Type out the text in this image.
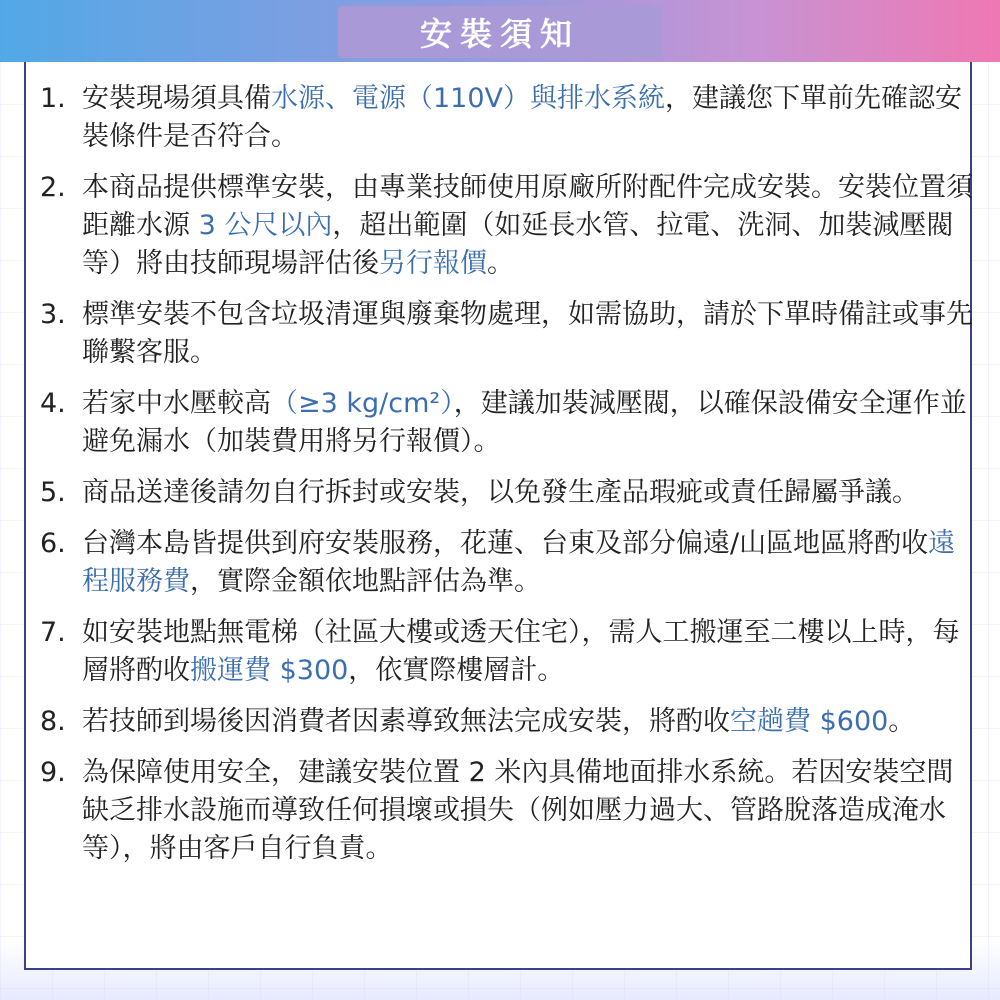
安裝須知
1. 安裝現場須具備水源、電源（110V）與排水系統，建議您下單前先確認安裝條件是否符合。
2. 本商品提供標準安裝，由專業技師使用原廠所附配件完成安裝。安裝位置須距離水源 3 公尺以內，超出範圍（如延長水管、拉電、洗洞、加裝減壓閥等）將由技師現場評估後另行報價。
3. 標準安裝不包含垃圾清運與廢棄物處理，如需協助，請於下單時備註或事先聯繫客服。
4. 若家中水壓較高（≥3 kg/cm²），建議加裝減壓閥，以確保設備安全運作並避免漏水（加裝費用將另行報價）。
5. 商品送達後請勿自行拆封或安裝，以免發生產品瑕疵或責任歸屬爭議。
6. 台灣本島皆提供到府安裝服務，花蓮、台東及部分偏遠/山區地區將酌收遠程服務費，實際金額依地點評估為準。
7. 如安裝地點無電梯（社區大樓或透天住宅），需人工搬運至二樓以上時，每層將酌收搬運費 $300，依實際樓層計。
8. 若技師到場後因消費者因素導致無法完成安裝，將酌收空趟費 $600。
9. 為保障使用安全，建議安裝位置 2 米內具備地面排水系統。若因安裝空間缺乏排水設施而導致任何損壞或損失（例如壓力過大、管路脫落造成淹水等），將由客戶自行負責。
